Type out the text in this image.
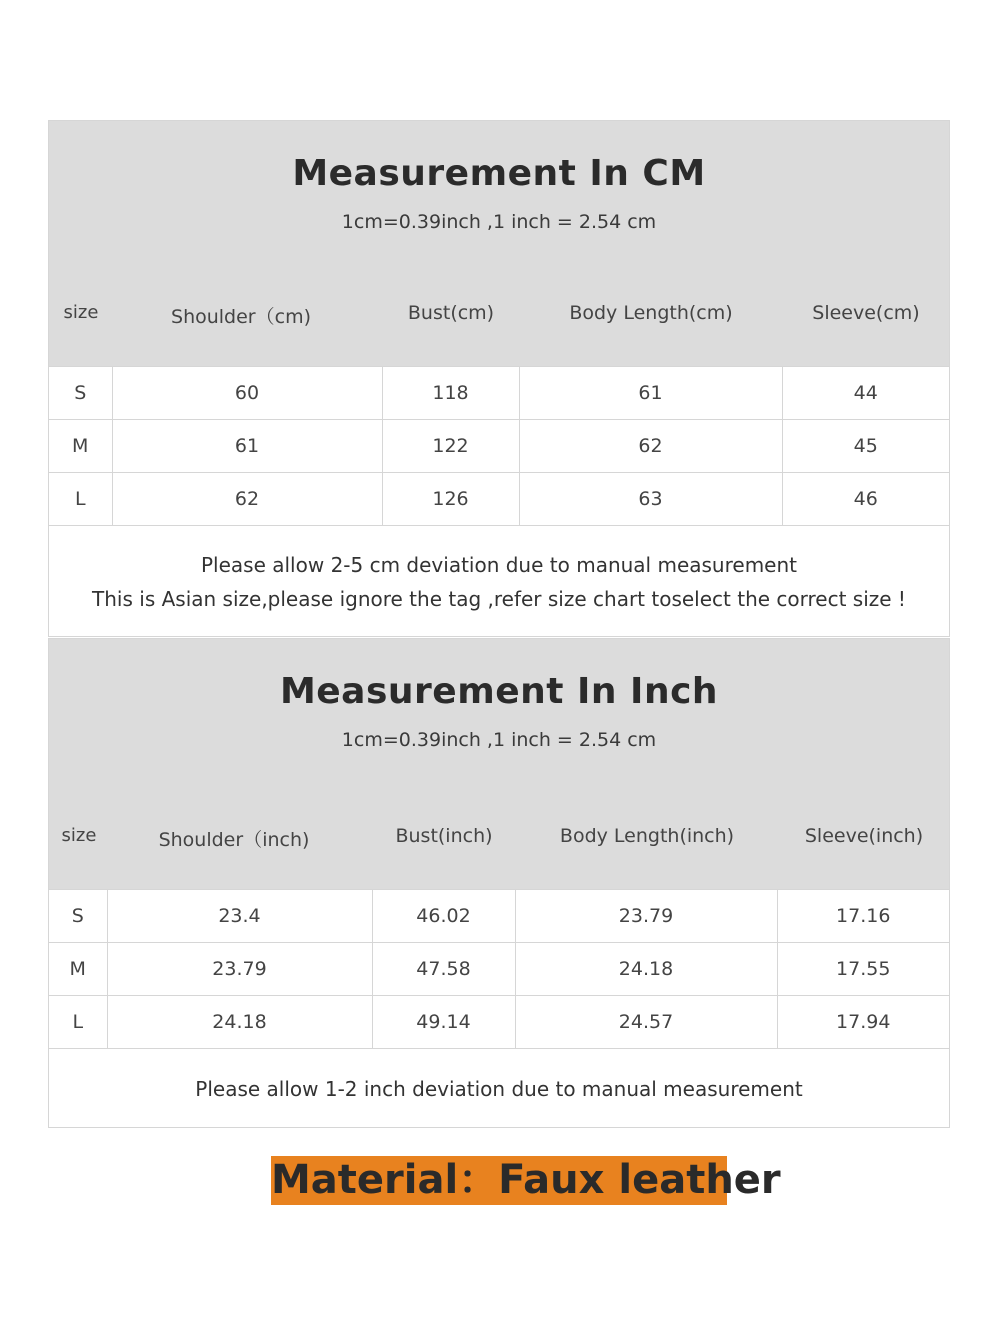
Measurement In CM
1cm=0.39inch ,1 inch = 2.54 cm
size	Shoulder（cm)	Bust(cm)	Body Length(cm)	Sleeve(cm)
S	60	118	61	44
M	61	122	62	45
L	62	126	63	46
Please allow 2-5 cm deviation due to manual measurement
This is Asian size,please ignore the tag ,refer size chart toselect the correct size !
Measurement In Inch
1cm=0.39inch ,1 inch = 2.54 cm
size	Shoulder（inch)	Bust(inch)	Body Length(inch)	Sleeve(inch)
S	23.4	46.02	23.79	17.16
M	23.79	47.58	24.18	17.55
L	24.18	49.14	24.57	17.94
Please allow 1-2 inch deviation due to manual measurement
Material：Faux leather
